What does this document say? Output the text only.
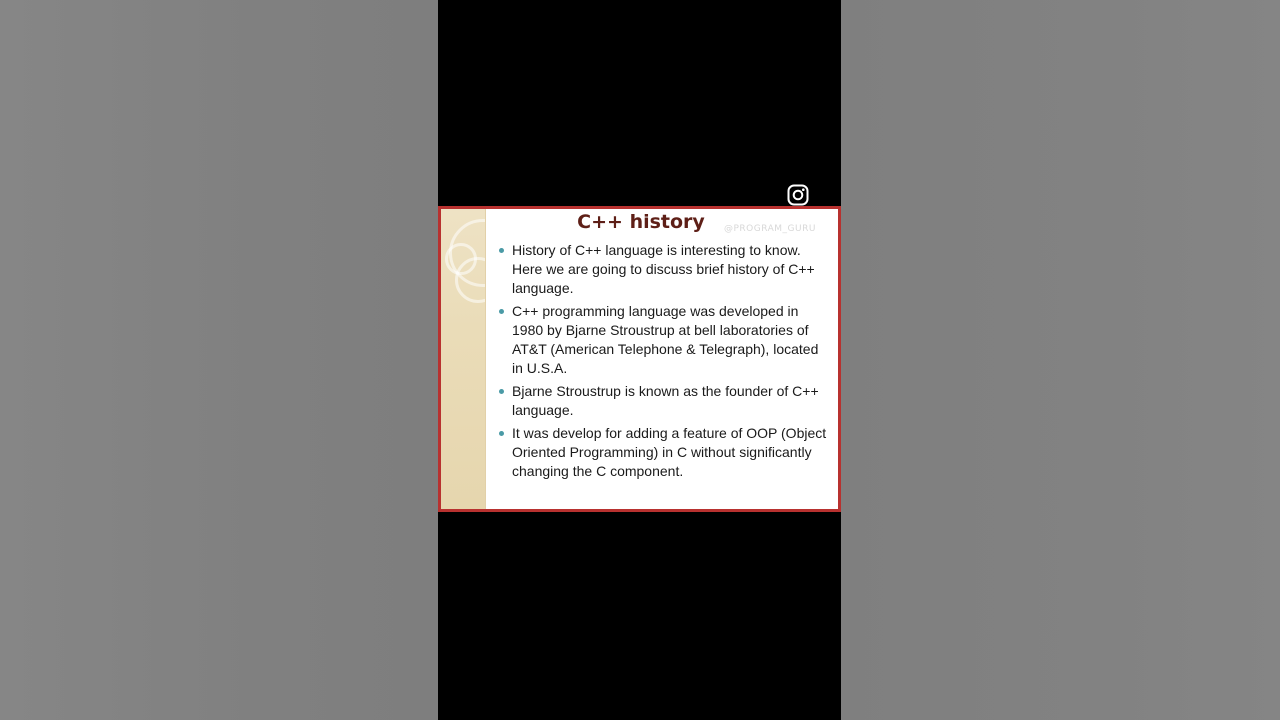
C++ history	@PROGRAM_GURU
History of C++ language is interesting to know. Here we are going to discuss brief history of C++ language.
C++ programming language was developed in 1980 by Bjarne Stroustrup at bell laboratories of AT&T (American Telephone & Telegraph), located in U.S.A.
Bjarne Stroustrup is known as the founder of C++ language.
It was develop for adding a feature of OOP (Object Oriented Programming) in C without significantly changing the C component.
